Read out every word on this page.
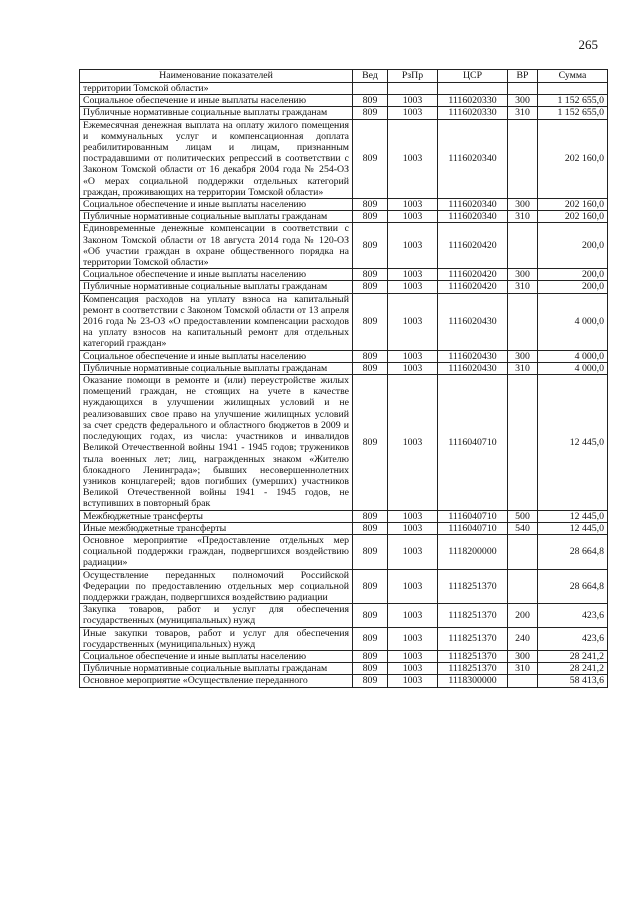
265
Наименование показателей	Вед	РзПр	ЦСР	ВР	Сумма
территории Томской области»					
Социальное обеспечение и иные выплаты населению	809	1003	1116020330	300	1 152 655,0
Публичные нормативные социальные выплаты гражданам	809	1003	1116020330	310	1 152 655,0
Ежемесячная денежная выплата на оплату жилого помещения и коммунальных услуг и компенсационная доплата реабилитированным лицам и лицам, признанным пострадавшими от политических репрессий в соответствии с Законом Томской области от 16 декабря 2004 года № 254-ОЗ «О мерах социальной поддержки отдельных категорий граждан, проживающих на территории Томской области»	809	1003	1116020340		202 160,0
Социальное обеспечение и иные выплаты населению	809	1003	1116020340	300	202 160,0
Публичные нормативные социальные выплаты гражданам	809	1003	1116020340	310	202 160,0
Единовременные денежные компенсации в соответствии с Законом Томской области от 18 августа 2014 года № 120-ОЗ «Об участии граждан в охране общественного порядка на территории Томской области»	809	1003	1116020420		200,0
Социальное обеспечение и иные выплаты населению	809	1003	1116020420	300	200,0
Публичные нормативные социальные выплаты гражданам	809	1003	1116020420	310	200,0
Компенсация расходов на уплату взноса на капитальный ремонт в соответствии с Законом Томской области от 13 апреля 2016 года № 23-ОЗ «О предоставлении компенсации расходов на уплату взносов на капитальный ремонт для отдельных категорий граждан»	809	1003	1116020430		4 000,0
Социальное обеспечение и иные выплаты населению	809	1003	1116020430	300	4 000,0
Публичные нормативные социальные выплаты гражданам	809	1003	1116020430	310	4 000,0
Оказание помощи в ремонте и (или) переустройстве жилых помещений граждан, не стоящих на учете в качестве нуждающихся в улучшении жилищных условий и не реализовавших свое право на улучшение жилищных условий за счет средств федерального и областного бюджетов в 2009 и последующих годах, из числа: участников и инвалидов Великой Отечественной войны 1941 - 1945 годов; тружеников тыла военных лет; лиц, награжденных знаком «Жителю блокадного Ленинграда»; бывших несовершеннолетних узников концлагерей; вдов погибших (умерших) участников Великой Отечественной войны 1941 - 1945 годов, не вступивших в повторный брак	809	1003	1116040710		12 445,0
Межбюджетные трансферты	809	1003	1116040710	500	12 445,0
Иные межбюджетные трансферты	809	1003	1116040710	540	12 445,0
Основное мероприятие «Предоставление отдельных мер социальной поддержки граждан, подвергшихся воздействию радиации»	809	1003	1118200000		28 664,8
Осуществление переданных полномочий Российской Федерации по предоставлению отдельных мер социальной поддержки граждан, подвергшихся воздействию радиации	809	1003	1118251370		28 664,8
Закупка товаров, работ и услуг для обеспечения государственных (муниципальных) нужд	809	1003	1118251370	200	423,6
Иные закупки товаров, работ и услуг для обеспечения государственных (муниципальных) нужд	809	1003	1118251370	240	423,6
Социальное обеспечение и иные выплаты населению	809	1003	1118251370	300	28 241,2
Публичные нормативные социальные выплаты гражданам	809	1003	1118251370	310	28 241,2
Основное мероприятие «Осуществление переданного	809	1003	1118300000		58 413,6
